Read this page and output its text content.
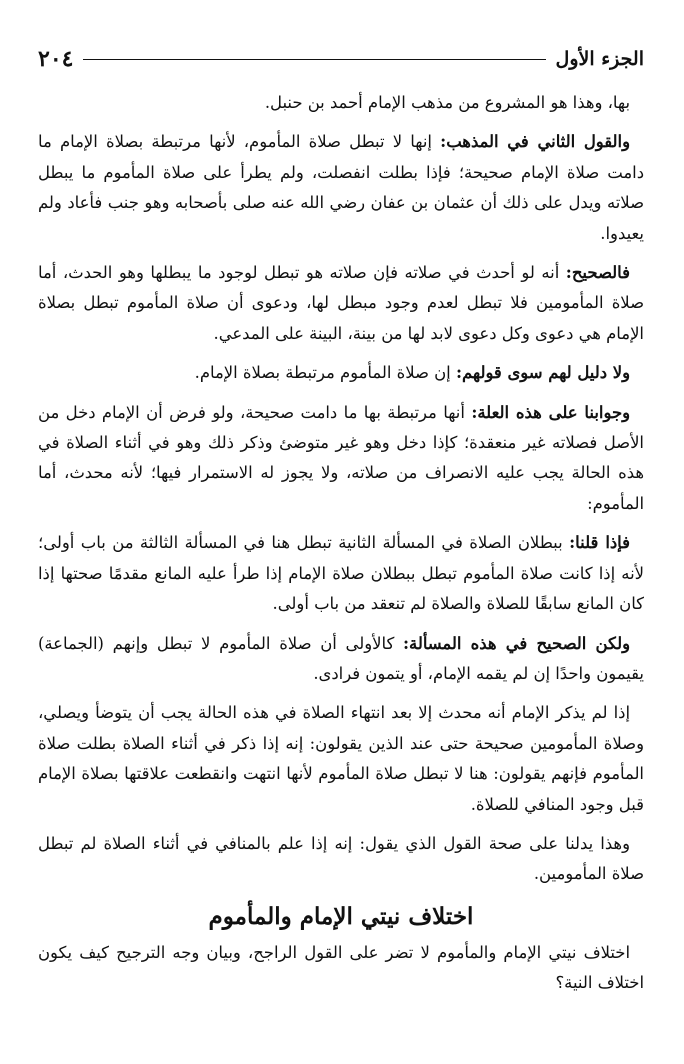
٢٠٤	الجزء الأول

بها، وهذا هو المشروع من مذهب الإمام أحمد بن حنبل.

والقول الثاني في المذهب: إنها لا تبطل صلاة المأموم، لأنها مرتبطة بصلاة الإمام ما دامت صلاة الإمام صحيحة؛ فإذا بطلت انفصلت، ولم يطرأ على صلاة المأموم ما يبطل صلاته ويدل على ذلك أن عثمان بن عفان رضي الله عنه صلى بأصحابه وهو جنب فأعاد ولم يعيدوا.

فالصحيح: أنه لو أحدث في صلاته فإن صلاته هو تبطل لوجود ما يبطلها وهو الحدث، أما صلاة المأمومين فلا تبطل لعدم وجود مبطل لها، ودعوى أن صلاة المأموم تبطل بصلاة الإمام هي دعوى وكل دعوى لابد لها من بينة، البينة على المدعي.

ولا دليل لهم سوى قولهم: إن صلاة المأموم مرتبطة بصلاة الإمام.

وجوابنا على هذه العلة: أنها مرتبطة بها ما دامت صحيحة، ولو فرض أن الإمام دخل من الأصل فصلاته غير منعقدة؛ كإذا دخل وهو غير متوضئ وذكر ذلك وهو في أثناء الصلاة في هذه الحالة يجب عليه الانصراف من صلاته، ولا يجوز له الاستمرار فيها؛ لأنه محدث، أما المأموم:

فإذا قلنا: ببطلان الصلاة في المسألة الثانية تبطل هنا في المسألة الثالثة من باب أولى؛ لأنه إذا كانت صلاة المأموم تبطل ببطلان صلاة الإمام إذا طرأ عليه المانع مقدمًا صحتها إذا كان المانع سابقًا للصلاة والصلاة لم تنعقد من باب أولى.

ولكن الصحيح في هذه المسألة: كالأولى أن صلاة المأموم لا تبطل وإنهم (الجماعة) يقيمون واحدًا إن لم يقمه الإمام، أو يتمون فرادى.

إذا لم يذكر الإمام أنه محدث إلا بعد انتهاء الصلاة في هذه الحالة يجب أن يتوضأ ويصلي، وصلاة المأمومين صحيحة حتى عند الذين يقولون: إنه إذا ذكر في أثناء الصلاة بطلت صلاة المأموم فإنهم يقولون: هنا لا تبطل صلاة المأموم لأنها انتهت وانقطعت علاقتها بصلاة الإمام قبل وجود المنافي للصلاة.

وهذا يدلنا على صحة القول الذي يقول: إنه إذا علم بالمنافي في أثناء الصلاة لم تبطل صلاة المأمومين.

اختلاف نيتي الإمام والمأموم

اختلاف نيتي الإمام والمأموم لا تضر على القول الراجح، وبيان وجه الترجيح كيف يكون اختلاف النية؟
